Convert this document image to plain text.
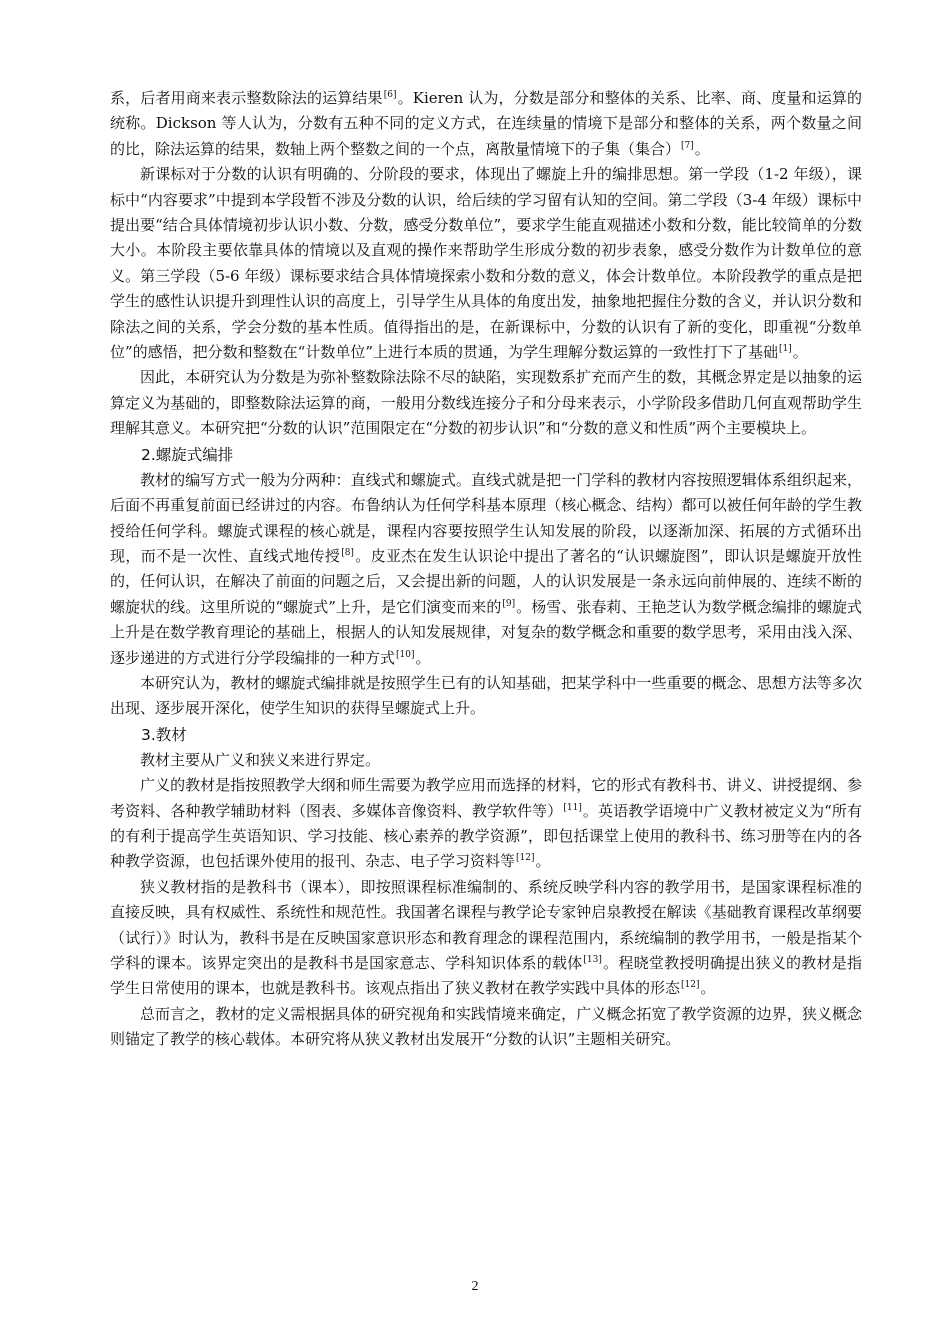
系，后者用商来表示整数除法的运算结果[6]。Kieren 认为，分数是部分和整体的关系、比率、商、度量和运算的统称。Dickson 等人认为，分数有五种不同的定义方式，在连续量的情境下是部分和整体的关系，两个数量之间的比，除法运算的结果，数轴上两个整数之间的一个点，离散量情境下的子集（集合）[7]。

新课标对于分数的认识有明确的、分阶段的要求，体现出了螺旋上升的编排思想。第一学段（1-2 年级），课标中“内容要求”中提到本学段暂不涉及分数的认识，给后续的学习留有认知的空间。第二学段（3-4 年级）课标中提出要“结合具体情境初步认识小数、分数，感受分数单位”，要求学生能直观描述小数和分数，能比较简单的分数大小。本阶段主要依靠具体的情境以及直观的操作来帮助学生形成分数的初步表象，感受分数作为计数单位的意义。第三学段（5-6 年级）课标要求结合具体情境探索小数和分数的意义，体会计数单位。本阶段教学的重点是把学生的感性认识提升到理性认识的高度上，引导学生从具体的角度出发，抽象地把握住分数的含义，并认识分数和除法之间的关系，学会分数的基本性质。值得指出的是，在新课标中，分数的认识有了新的变化，即重视“分数单位”的感悟，把分数和整数在“计数单位”上进行本质的贯通，为学生理解分数运算的一致性打下了基础[1]。

因此，本研究认为分数是为弥补整数除法除不尽的缺陷，实现数系扩充而产生的数，其概念界定是以抽象的运算定义为基础的，即整数除法运算的商，一般用分数线连接分子和分母来表示，小学阶段多借助几何直观帮助学生理解其意义。本研究把“分数的认识”范围限定在“分数的初步认识”和“分数的意义和性质”两个主要模块上。

2.螺旋式编排

教材的编写方式一般为分两种：直线式和螺旋式。直线式就是把一门学科的教材内容按照逻辑体系组织起来，后面不再重复前面已经讲过的内容。布鲁纳认为任何学科基本原理（核心概念、结构）都可以被任何年龄的学生教授给任何学科。螺旋式课程的核心就是，课程内容要按照学生认知发展的阶段，以逐渐加深、拓展的方式循环出现，而不是一次性、直线式地传授[8]。皮亚杰在发生认识论中提出了著名的“认识螺旋图”，即认识是螺旋开放性的，任何认识，在解决了前面的问题之后，又会提出新的问题，人的认识发展是一条永远向前伸展的、连续不断的螺旋状的线。这里所说的“螺旋式”上升，是它们演变而来的[9]。杨雪、张春莉、王艳芝认为数学概念编排的螺旋式上升是在数学教育理论的基础上，根据人的认知发展规律，对复杂的数学概念和重要的数学思考，采用由浅入深、逐步递进的方式进行分学段编排的一种方式[10]。

本研究认为，教材的螺旋式编排就是按照学生已有的认知基础，把某学科中一些重要的概念、思想方法等多次出现、逐步展开深化，使学生知识的获得呈螺旋式上升。

3.教材

教材主要从广义和狭义来进行界定。

广义的教材是指按照教学大纲和师生需要为教学应用而选择的材料，它的形式有教科书、讲义、讲授提纲、参考资料、各种教学辅助材料（图表、多媒体音像资料、教学软件等）[11]。英语教学语境中广义教材被定义为“所有的有利于提高学生英语知识、学习技能、核心素养的教学资源”，即包括课堂上使用的教科书、练习册等在内的各种教学资源，也包括课外使用的报刊、杂志、电子学习资料等[12]。

狭义教材指的是教科书（课本），即按照课程标准编制的、系统反映学科内容的教学用书，是国家课程标准的直接反映，具有权威性、系统性和规范性。我国著名课程与教学论专家钟启泉教授在解读《基础教育课程改革纲要（试行）》时认为，教科书是在反映国家意识形态和教育理念的课程范围内，系统编制的教学用书，一般是指某个学科的课本。该界定突出的是教科书是国家意志、学科知识体系的载体[13]。程晓堂教授明确提出狭义的教材是指学生日常使用的课本，也就是教科书。该观点指出了狭义教材在教学实践中具体的形态[12]。

总而言之，教材的定义需根据具体的研究视角和实践情境来确定，广义概念拓宽了教学资源的边界，狭义概念则锚定了教学的核心载体。本研究将从狭义教材出发展开“分数的认识”主题相关研究。

2
